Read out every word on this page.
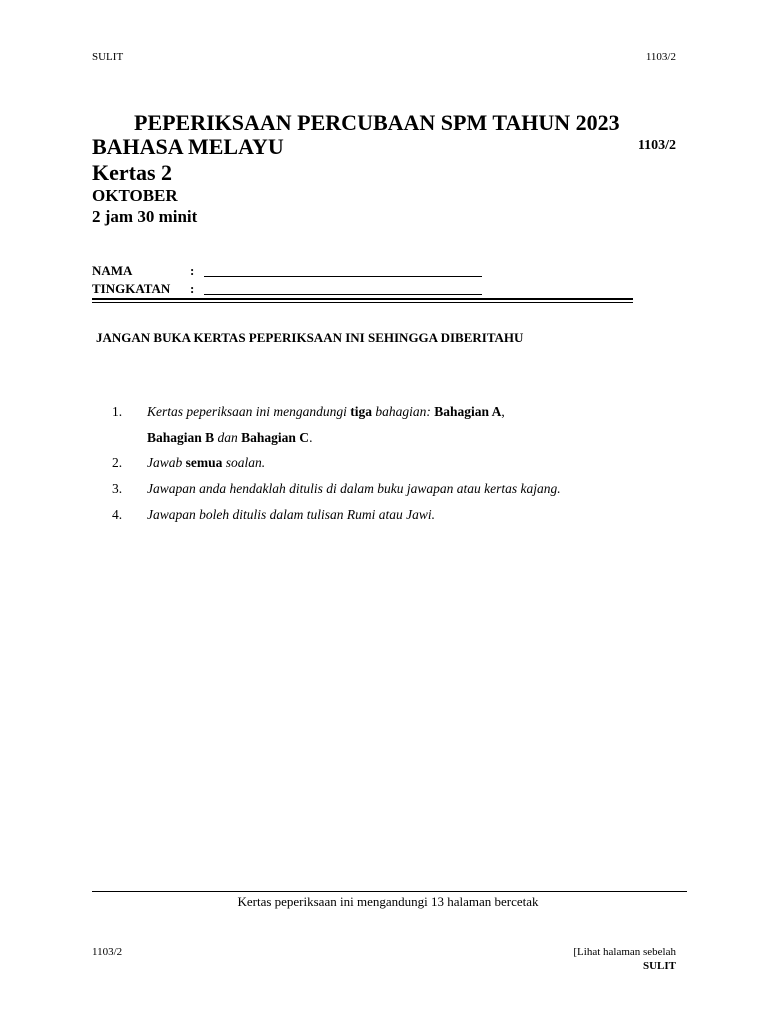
SULIT	1103/2
PEPERIKSAAN PERCUBAAN SPM TAHUN 2023
BAHASA MELAYU	1103/2
Kertas 2
OKTOBER
2 jam 30 minit
NAMA	:
TINGKATAN	:
JANGAN BUKA KERTAS PEPERIKSAAN INI SEHINGGA DIBERITAHU
1. Kertas peperiksaan ini mengandungi tiga bahagian: Bahagian A,
Bahagian B dan Bahagian C.
2. Jawab semua soalan.
3. Jawapan anda hendaklah ditulis di dalam buku jawapan atau kertas kajang.
4. Jawapan boleh ditulis dalam tulisan Rumi atau Jawi.
Kertas peperiksaan ini mengandungi 13 halaman bercetak
1103/2	[Lihat halaman sebelah
SULIT
